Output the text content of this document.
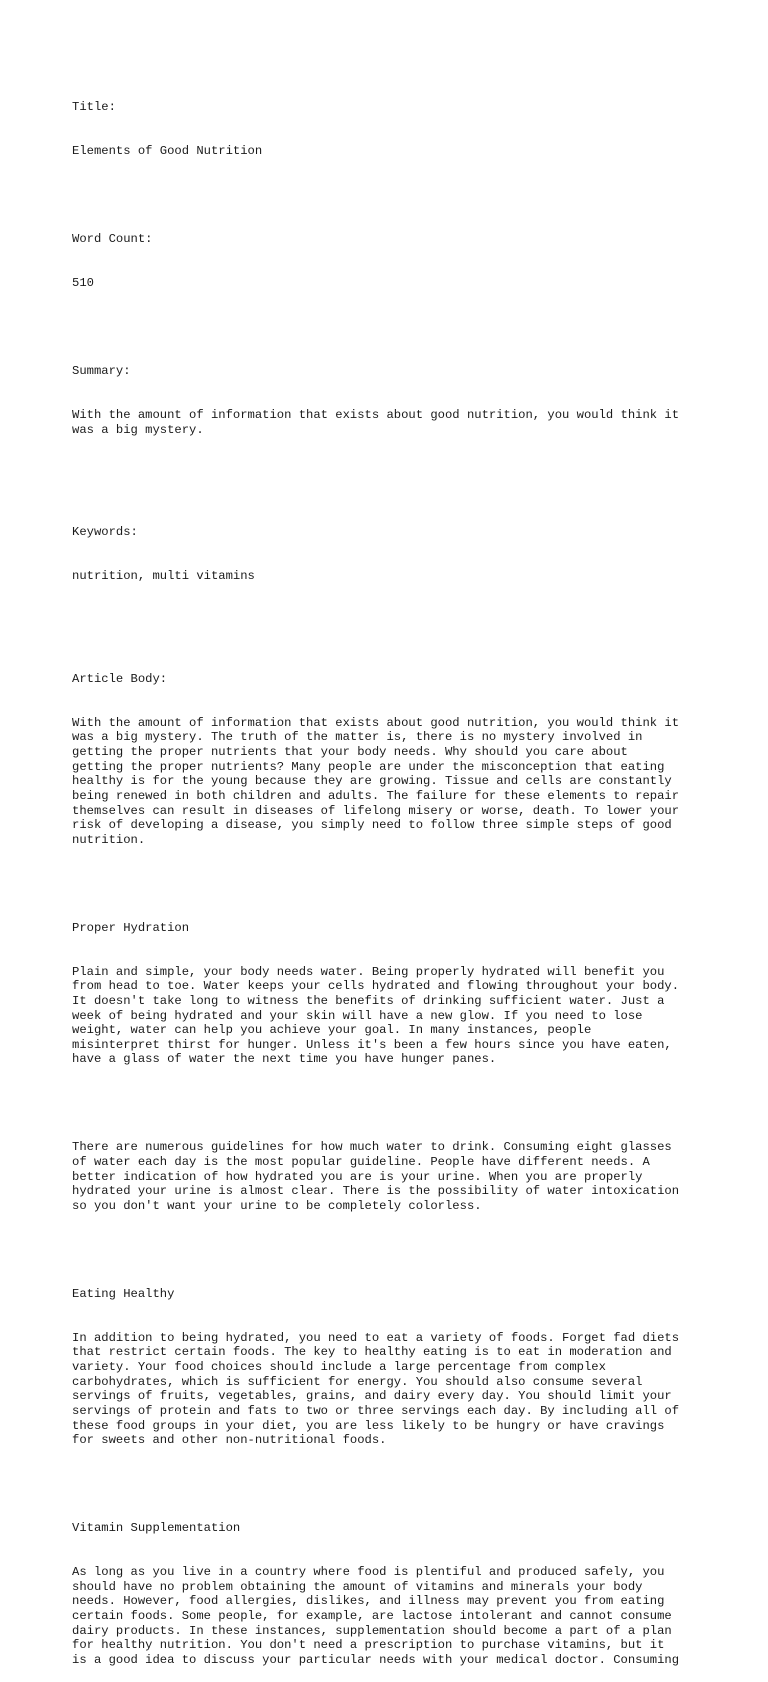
Title:

Elements of Good Nutrition

Word Count:

510

Summary:

With the amount of information that exists about good nutrition, you would think it
was a big mystery.

Keywords:

nutrition, multi vitamins

Article Body:

With the amount of information that exists about good nutrition, you would think it
was a big mystery. The truth of the matter is, there is no mystery involved in
getting the proper nutrients that your body needs. Why should you care about
getting the proper nutrients? Many people are under the misconception that eating
healthy is for the young because they are growing. Tissue and cells are constantly
being renewed in both children and adults. The failure for these elements to repair
themselves can result in diseases of lifelong misery or worse, death. To lower your
risk of developing a disease, you simply need to follow three simple steps of good
nutrition.

Proper Hydration

Plain and simple, your body needs water. Being properly hydrated will benefit you
from head to toe. Water keeps your cells hydrated and flowing throughout your body.
It doesn't take long to witness the benefits of drinking sufficient water. Just a
week of being hydrated and your skin will have a new glow. If you need to lose
weight, water can help you achieve your goal. In many instances, people
misinterpret thirst for hunger. Unless it's been a few hours since you have eaten,
have a glass of water the next time you have hunger panes.

There are numerous guidelines for how much water to drink. Consuming eight glasses
of water each day is the most popular guideline. People have different needs. A
better indication of how hydrated you are is your urine. When you are properly
hydrated your urine is almost clear. There is the possibility of water intoxication
so you don't want your urine to be completely colorless.

Eating Healthy

In addition to being hydrated, you need to eat a variety of foods. Forget fad diets
that restrict certain foods. The key to healthy eating is to eat in moderation and
variety. Your food choices should include a large percentage from complex
carbohydrates, which is sufficient for energy. You should also consume several
servings of fruits, vegetables, grains, and dairy every day. You should limit your
servings of protein and fats to two or three servings each day. By including all of
these food groups in your diet, you are less likely to be hungry or have cravings
for sweets and other non-nutritional foods.

Vitamin Supplementation

As long as you live in a country where food is plentiful and produced safely, you
should have no problem obtaining the amount of vitamins and minerals your body
needs. However, food allergies, dislikes, and illness may prevent you from eating
certain foods. Some people, for example, are lactose intolerant and cannot consume
dairy products. In these instances, supplementation should become a part of a plan
for healthy nutrition. You don't need a prescription to purchase vitamins, but it
is a good idea to discuss your particular needs with your medical doctor. Consuming
